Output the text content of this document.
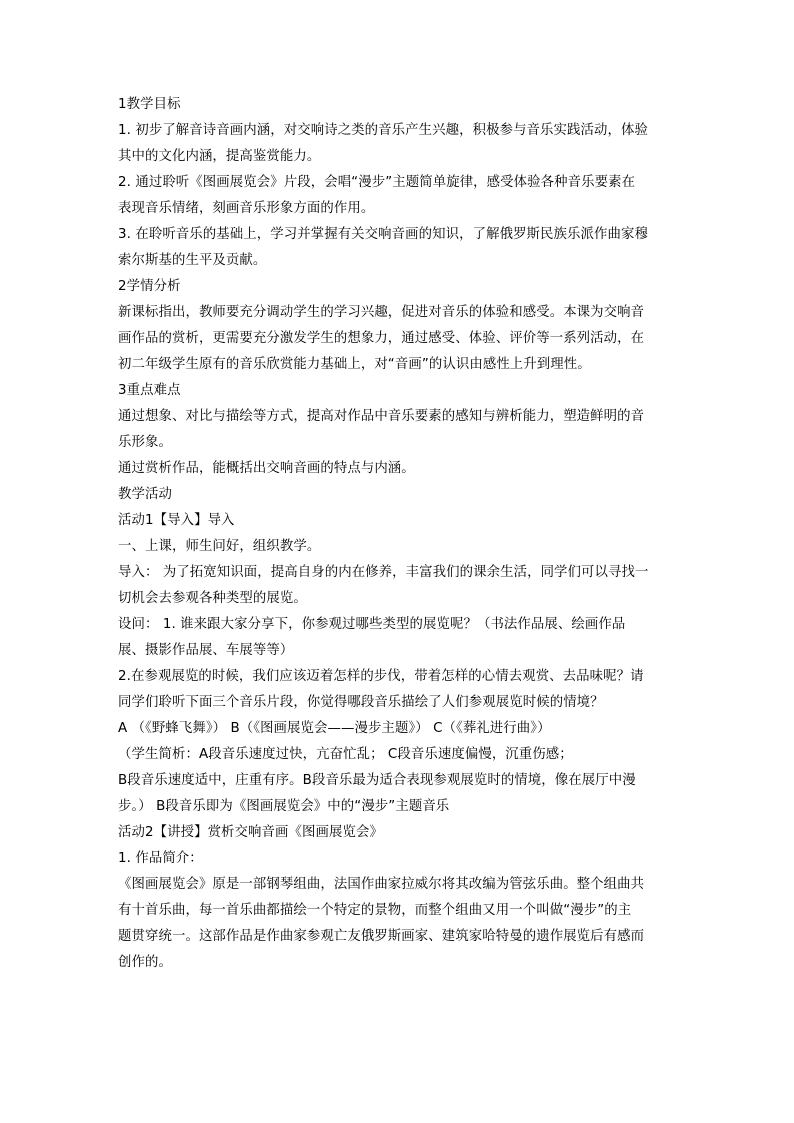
1教学目标
1. 初步了解音诗音画内涵，对交响诗之类的音乐产生兴趣，积极参与音乐实践活动，体验
其中的文化内涵，提高鉴赏能力。
2. 通过聆听《图画展览会》片段，会唱“漫步”主题简单旋律，感受体验各种音乐要素在
表现音乐情绪，刻画音乐形象方面的作用。
3. 在聆听音乐的基础上，学习并掌握有关交响音画的知识，了解俄罗斯民族乐派作曲家穆
索尔斯基的生平及贡献。
2学情分析
新课标指出，教师要充分调动学生的学习兴趣，促进对音乐的体验和感受。本课为交响音
画作品的赏析，更需要充分激发学生的想象力，通过感受、体验、评价等一系列活动，在
初二年级学生原有的音乐欣赏能力基础上，对“音画”的认识由感性上升到理性。
3重点难点
通过想象、对比与描绘等方式，提高对作品中音乐要素的感知与辨析能力，塑造鲜明的音
乐形象。
通过赏析作品，能概括出交响音画的特点与内涵。
教学活动
活动1【导入】导入
一、上课，师生问好，组织教学。
导入： 为了拓宽知识面，提高自身的内在修养，丰富我们的课余生活，同学们可以寻找一
切机会去参观各种类型的展览。
设问： 1. 谁来跟大家分享下，你参观过哪些类型的展览呢？（书法作品展、绘画作品
展、摄影作品展、车展等等）
2.在参观展览的时候，我们应该迈着怎样的步伐，带着怎样的心情去观赏、去品味呢？请
同学们聆听下面三个音乐片段，你觉得哪段音乐描绘了人们参观展览时候的情境？
A （《野蜂飞舞》） B（《图画展览会——漫步主题》） C（《葬礼进行曲》）
（学生简析：A段音乐速度过快，亢奋忙乱； C段音乐速度偏慢，沉重伤感；
B段音乐速度适中，庄重有序。B段音乐最为适合表现参观展览时的情境，像在展厅中漫
步。） B段音乐即为《图画展览会》中的“漫步”主题音乐
活动2【讲授】赏析交响音画《图画展览会》
1. 作品简介：
《图画展览会》原是一部钢琴组曲，法国作曲家拉威尔将其改编为管弦乐曲。整个组曲共
有十首乐曲，每一首乐曲都描绘一个特定的景物，而整个组曲又用一个叫做“漫步”的主
题贯穿统一。这部作品是作曲家参观亡友俄罗斯画家、建筑家哈特曼的遗作展览后有感而
创作的。
